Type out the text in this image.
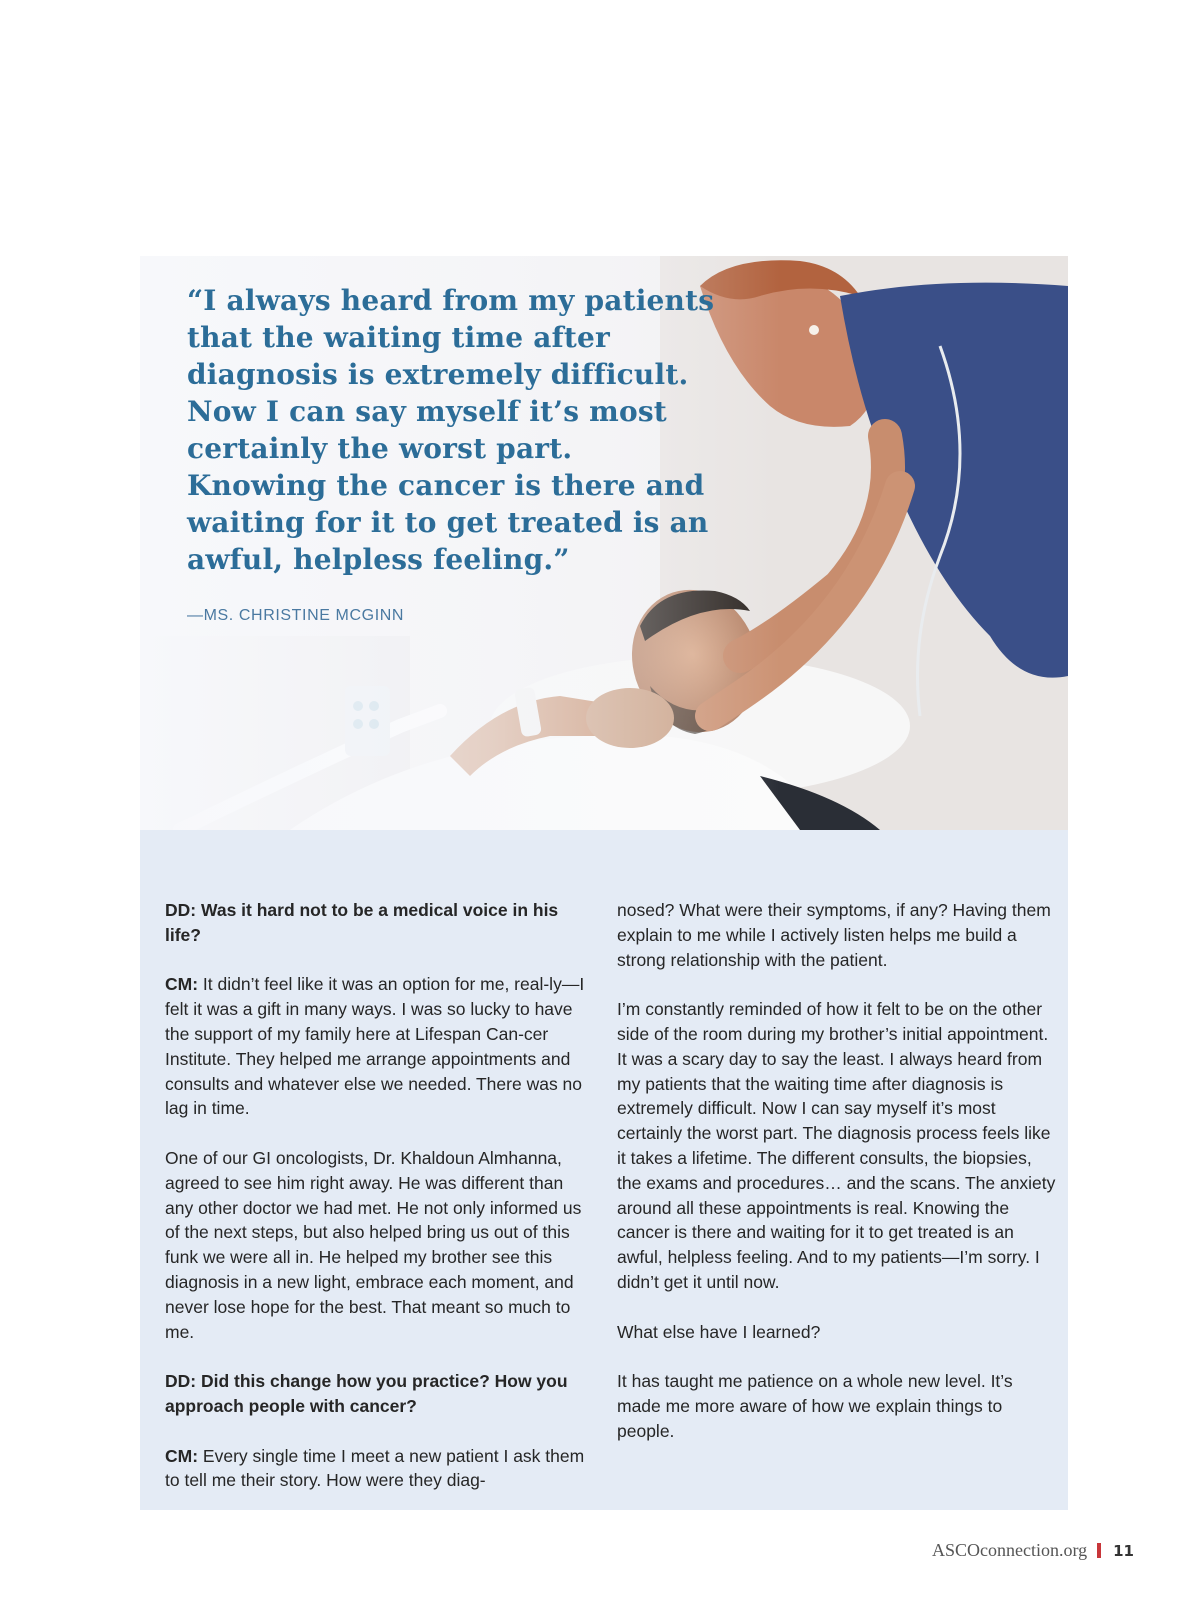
“I always heard from my patients that the waiting time after diagnosis is extremely difficult. Now I can say myself it’s most certainly the worst part. Knowing the cancer is there and waiting for it to get treated is an awful, helpless feeling.”

—MS. CHRISTINE MCGINN

DD: Was it hard not to be a medical voice in his life?

CM: It didn’t feel like it was an option for me, real-ly—I felt it was a gift in many ways. I was so lucky to have the support of my family here at Lifespan Can-cer Institute. They helped me arrange appointments and consults and whatever else we needed. There was no lag in time.

One of our GI oncologists, Dr. Khaldoun Almhanna, agreed to see him right away. He was different than any other doctor we had met. He not only informed us of the next steps, but also helped bring us out of this funk we were all in. He helped my brother see this diagnosis in a new light, embrace each moment, and never lose hope for the best. That meant so much to me.

DD: Did this change how you practice? How you approach people with cancer?

CM: Every single time I meet a new patient I ask them to tell me their story. How were they diag-

nosed? What were their symptoms, if any? Having them explain to me while I actively listen helps me build a strong relationship with the patient.

I’m constantly reminded of how it felt to be on the other side of the room during my brother’s initial appointment. It was a scary day to say the least. I always heard from my patients that the waiting time after diagnosis is extremely difficult. Now I can say myself it’s most certainly the worst part. The diagnosis process feels like it takes a lifetime. The different consults, the biopsies, the exams and procedures… and the scans. The anxiety around all these appointments is real. Knowing the cancer is there and waiting for it to get treated is an awful, helpless feeling. And to my patients—I’m sorry. I didn’t get it until now.

What else have I learned?

It has taught me patience on a whole new level. It’s made me more aware of how we explain things to people.

ASCOconnection.org 11
